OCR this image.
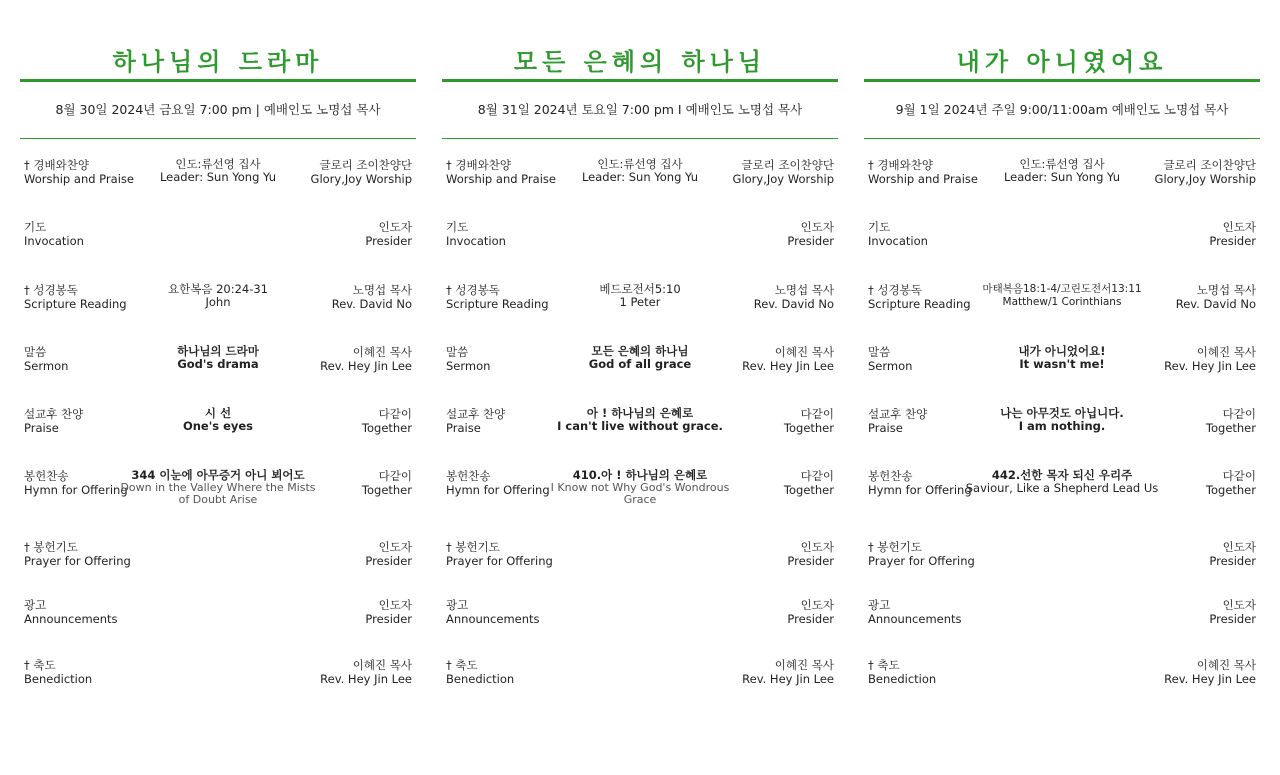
하나님의 드라마
8월 30일 2024년 금요일 7:00 pm | 예배인도 노명섭 목사
† 경배와찬양
Worship and Praise
인도:류선영 집사
Leader: Sun Yong Yu
글로리 조이찬양단
Glory,Joy Worship
기도
Invocation
인도자
Presider
† 성경봉독
Scripture Reading
요한복음 20:24-31
John
노명섭 목사
Rev. David No
말씀
Sermon
하나님의 드라마
God's drama
이혜진 목사
Rev. Hey Jin Lee
설교후 찬양
Praise
시 선
One's eyes
다같이
Together
봉헌찬송
Hymn for Offering
344 이눈에 아무증거 아니 뵈어도
Down in the Valley Where the Mists of Doubt Arise
다같이
Together
† 봉헌기도
Prayer for Offering
인도자
Presider
광고
Announcements
인도자
Presider
† 축도
Benediction
이혜진 목사
Rev. Hey Jin Lee
모든 은혜의 하나님
8월 31일 2024년 토요일 7:00 pm I 예배인도 노명섭 목사
† 경배와찬양
Worship and Praise
인도:류선영 집사
Leader: Sun Yong Yu
글로리 조이찬양단
Glory,Joy Worship
기도
Invocation
인도자
Presider
† 성경봉독
Scripture Reading
베드로전서5:10
1 Peter
노명섭 목사
Rev. David No
말씀
Sermon
모든 은혜의 하나님
God of all grace
이혜진 목사
Rev. Hey Jin Lee
설교후 찬양
Praise
아 ! 하나님의 은혜로
I can't live without grace.
다같이
Together
봉헌찬송
Hymn for Offering
410.아 ! 하나님의 은혜로
I Know not Why God's Wondrous Grace
다같이
Together
† 봉헌기도
Prayer for Offering
인도자
Presider
광고
Announcements
인도자
Presider
† 축도
Benediction
이혜진 목사
Rev. Hey Jin Lee
내가 아니였어요
9월 1일 2024년 주일 9:00/11:00am 예배인도 노명섭 목사
† 경배와찬양
Worship and Praise
인도:류선영 집사
Leader: Sun Yong Yu
글로리 조이찬양단
Glory,Joy Worship
기도
Invocation
인도자
Presider
† 성경봉독
Scripture Reading
마태복음18:1-4/고린도전서13:11
Matthew/1 Corinthians
노명섭 목사
Rev. David No
말씀
Sermon
내가 아니었어요!
It wasn't me!
이혜진 목사
Rev. Hey Jin Lee
설교후 찬양
Praise
나는 아무것도 아닙니다.
I am nothing.
다같이
Together
봉헌찬송
Hymn for Offering
442.선한 목자 되신 우리주
Saviour, Like a Shepherd Lead Us
다같이
Together
† 봉헌기도
Prayer for Offering
인도자
Presider
광고
Announcements
인도자
Presider
† 축도
Benediction
이혜진 목사
Rev. Hey Jin Lee
